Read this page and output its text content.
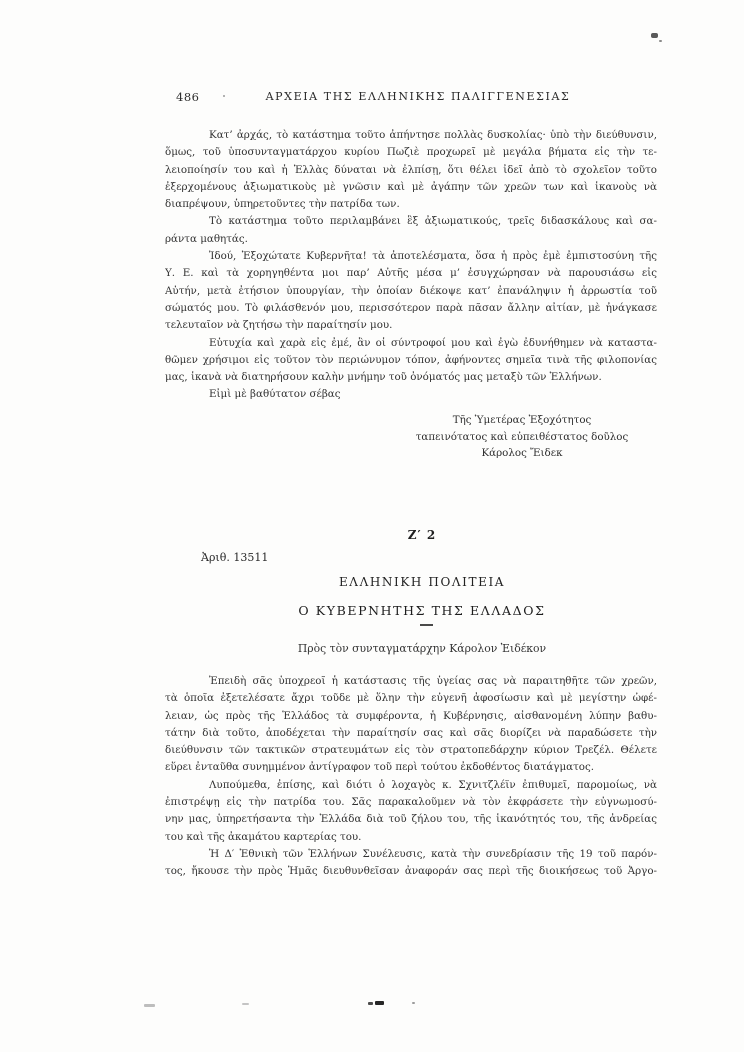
486	ΑΡΧΕΙΑ ΤΗΣ ΕΛΛΗΝΙΚΗΣ ΠΑΛΙΓΓΕΝΕΣΙΑΣ
Κατ’ ἀρχάς, τὸ κατάστημα τοῦτο ἀπήντησε πολλὰς δυσκολίας· ὑπὸ τὴν διεύθυνσιν,
ὅμως, τοῦ ὑποσυνταγματάρχου κυρίου Πωζιὲ προχωρεῖ μὲ μεγάλα βήματα εἰς τὴν τε-
λειοποίησίν του καὶ ἡ Ἑλλὰς δύναται νὰ ἐλπίσῃ, ὅτι θέλει ἰδεῖ ἀπὸ τὸ σχολεῖον τοῦτο
ἐξερχομένους ἀξιωματικοὺς μὲ γνῶσιν καὶ μὲ ἀγάπην τῶν χρεῶν των καὶ ἱκανοὺς νὰ
διαπρέψουν, ὑπηρετοῦντες τὴν πατρίδα των.
Τὸ κατάστημα τοῦτο περιλαμβάνει ἓξ ἀξιωματικούς, τρεῖς διδασκάλους καὶ σα-
ράντα μαθητάς.
Ἰδού, Ἐξοχώτατε Κυβερνῆτα! τὰ ἀποτελέσματα, ὅσα ἡ πρὸς ἐμὲ ἐμπιστοσύνη τῆς
Υ. Ε. καὶ τὰ χορηγηθέντα μοι παρ’ Αὐτῆς μέσα μ’ ἐσυγχώρησαν νὰ παρουσιάσω εἰς
Αὐτήν, μετὰ ἐτήσιον ὑπουργίαν, τὴν ὁποίαν διέκοψε κατ’ ἐπανάληψιν ἡ ἀρρωστία τοῦ
σώματός μου. Τὸ φιλάσθενόν μου, περισσότερον παρὰ πᾶσαν ἄλλην αἰτίαν, μὲ ἠνάγκασε
τελευταῖον νὰ ζητήσω τὴν παραίτησίν μου.
Εὐτυχία καὶ χαρὰ εἰς ἐμέ, ἂν οἱ σύντροφοί μου καὶ ἐγὼ ἐδυνήθημεν νὰ καταστα-
θῶμεν χρήσιμοι εἰς τοῦτον τὸν περιώνυμον τόπον, ἀφήνοντες σημεῖα τινὰ τῆς φιλοπονίας
μας, ἱκανὰ νὰ διατηρήσουν καλὴν μνήμην τοῦ ὀνόματός μας μεταξὺ τῶν Ἑλλήνων.
Εἰμὶ μὲ βαθύτατον σέβας
Τῆς Ὑμετέρας Ἐξοχότητος
ταπεινότατος καὶ εὐπειθέστατος δοῦλος
Κάρολος Ἔιδεκ
Ζ′ 2
Ἀριθ. 13511
ΕΛΛΗΝΙΚΗ ΠΟΛΙΤΕΙΑ
Ο ΚΥΒΕΡΝΗΤΗΣ ΤΗΣ ΕΛΛΑΔΟΣ
Πρὸς τὸν συνταγματάρχην Κάρολον Ἐιδέκον
Ἐπειδὴ σᾶς ὑποχρεοῖ ἡ κατάστασις τῆς ὑγείας σας νὰ παραιτηθῆτε τῶν χρεῶν,
τὰ ὁποῖα ἐξετελέσατε ἄχρι τοῦδε μὲ ὅλην τὴν εὐγενῆ ἀφοσίωσιν καὶ μὲ μεγίστην ὠφέ-
λειαν, ὡς πρὸς τῆς Ἑλλάδος τὰ συμφέροντα, ἡ Κυβέρνησις, αἰσθανομένη λύπην βαθυ-
τάτην διὰ τοῦτο, ἀποδέχεται τὴν παραίτησίν σας καὶ σᾶς διορίζει νὰ παραδώσετε τὴν
διεύθυνσιν τῶν τακτικῶν στρατευμάτων εἰς τὸν στρατοπεδάρχην κύριον Τρεζέλ. Θέλετε
εὕρει ἐνταῦθα συνημμένον ἀντίγραφον τοῦ περὶ τούτου ἐκδοθέντος διατάγματος.
Λυπούμεθα, ἐπίσης, καὶ διότι ὁ λοχαγὸς κ. Σχνιτζλέϊν ἐπιθυμεῖ, παρομοίως, νὰ
ἐπιστρέψῃ εἰς τὴν πατρίδα του. Σᾶς παρακαλοῦμεν νὰ τὸν ἐκφράσετε τὴν εὐγνωμοσύ-
νην μας, ὑπηρετήσαντα τὴν Ἑλλάδα διὰ τοῦ ζήλου του, τῆς ἱκανότητός του, τῆς ἀνδρείας
του καὶ τῆς ἀκαμάτου καρτερίας του.
Ἡ Δ′ Ἐθνικὴ τῶν Ἑλλήνων Συνέλευσις, κατὰ τὴν συνεδρίασιν τῆς 19 τοῦ παρόν-
τος, ἤκουσε τὴν πρὸς Ἡμᾶς διευθυνθεῖσαν ἀναφοράν σας περὶ τῆς διοικήσεως τοῦ Ἀργο-
